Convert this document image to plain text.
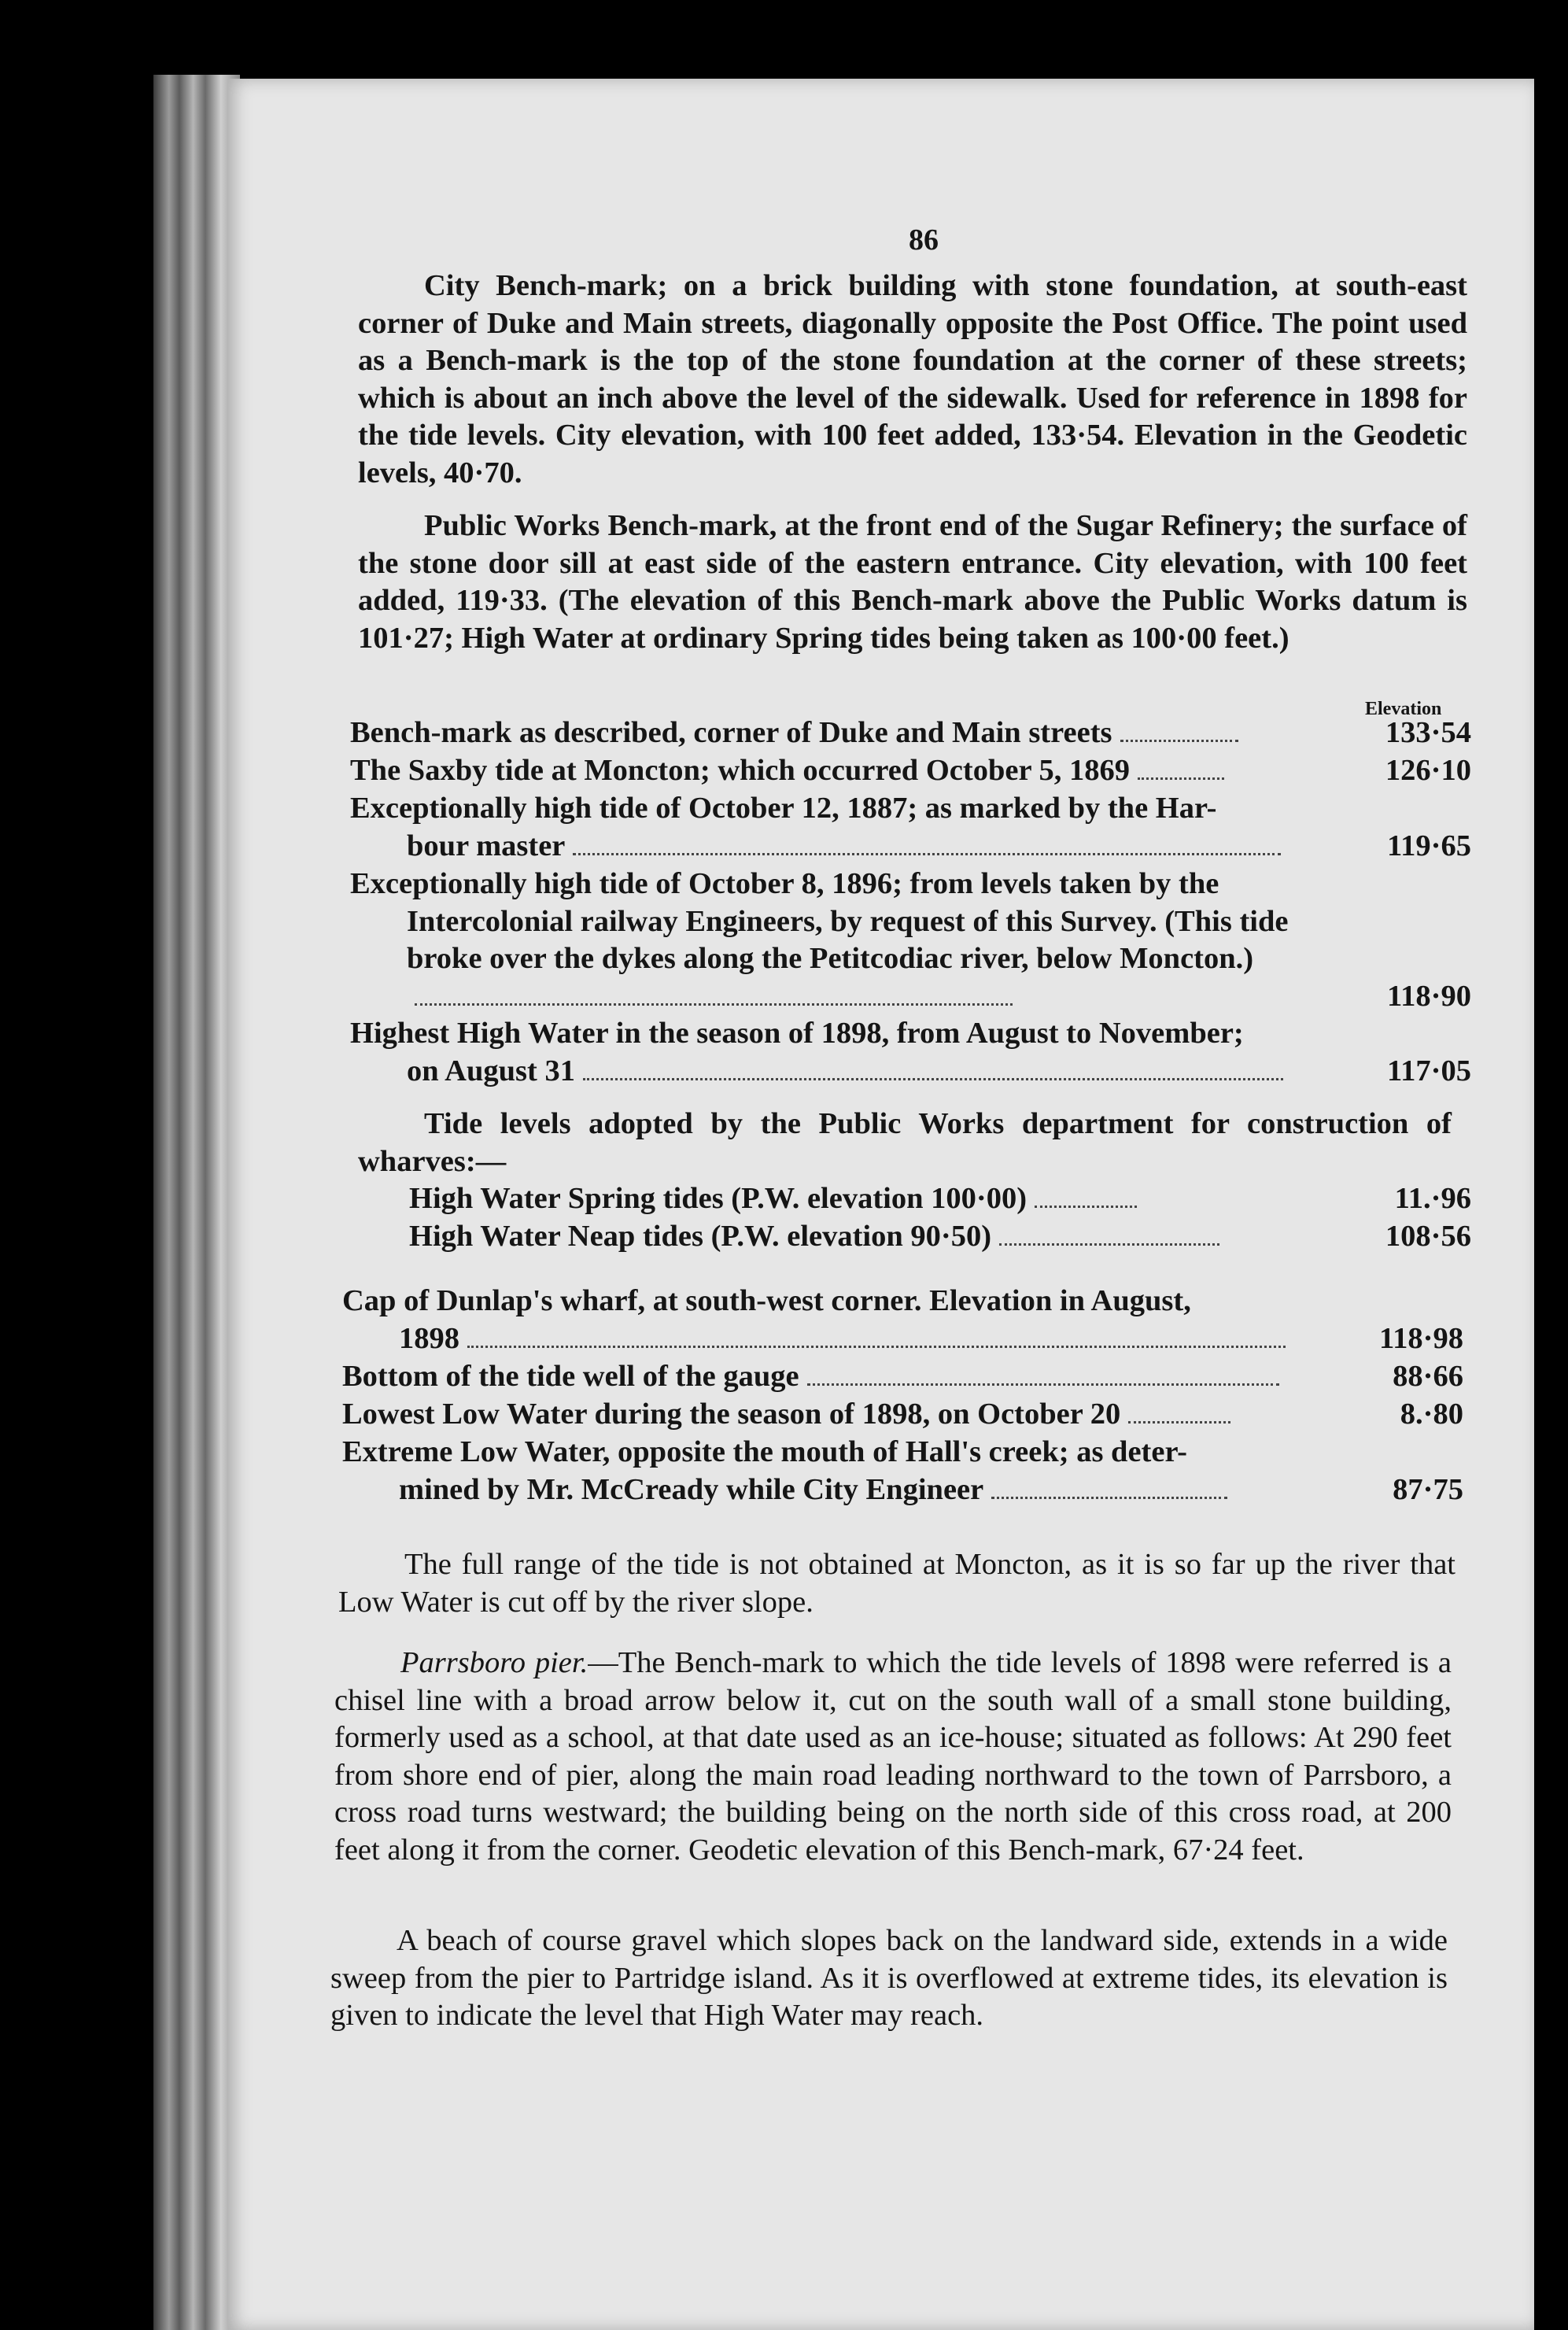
86

City Bench-mark; on a brick building with stone foundation, at south-east corner of Duke and Main streets, diagonally opposite the Post Office. The point used as a Bench-mark is the top of the stone foundation at the corner of these streets; which is about an inch above the level of the sidewalk. Used for reference in 1898 for the tide levels. City elevation, with 100 feet added, 133·54. Elevation in the Geodetic levels, 40·70.

Public Works Bench-mark, at the front end of the Sugar Refinery; the surface of the stone door sill at east side of the eastern entrance. City elevation, with 100 feet added, 119·33. (The elevation of this Bench-mark above the Public Works datum is 101·27; High Water at ordinary Spring tides being taken as 100·00 feet.)

Elevation
Bench-mark as described, corner of Duke and Main streets	133·54
The Saxby tide at Moncton; which occurred October 5, 1869	126·10
Exceptionally high tide of October 12, 1887; as marked by the Har-
bour master	119·65
Exceptionally high tide of October 8, 1896; from levels taken by the
Intercolonial railway Engineers, by request of this Survey. (This tide broke over the dykes along the Petitcodiac river, below Moncton.)
118·90
Highest High Water in the season of 1898, from August to November;
on August 31	117·05

Tide levels adopted by the Public Works department for construction of wharves:—

High Water Spring tides (P.W. elevation 100·00)	11.·96
High Water Neap tides (P.W. elevation 90·50)	108·56
Cap of Dunlap's wharf, at south-west corner. Elevation in August,
1898	118·98
Bottom of the tide well of the gauge	88·66
Lowest Low Water during the season of 1898, on October 20	8.·80
Extreme Low Water, opposite the mouth of Hall's creek; as deter-
mined by Mr. McCready while City Engineer	87·75

The full range of the tide is not obtained at Moncton, as it is so far up the river that Low Water is cut off by the river slope.

Parrsboro pier.—The Bench-mark to which the tide levels of 1898 were referred is a chisel line with a broad arrow below it, cut on the south wall of a small stone building, formerly used as a school, at that date used as an ice-house; situated as follows: At 290 feet from shore end of pier, along the main road leading northward to the town of Parrsboro, a cross road turns westward; the building being on the north side of this cross road, at 200 feet along it from the corner. Geodetic elevation of this Bench-mark, 67·24 feet.

A beach of course gravel which slopes back on the landward side, extends in a wide sweep from the pier to Partridge island. As it is overflowed at extreme tides, its elevation is given to indicate the level that High Water may reach.
